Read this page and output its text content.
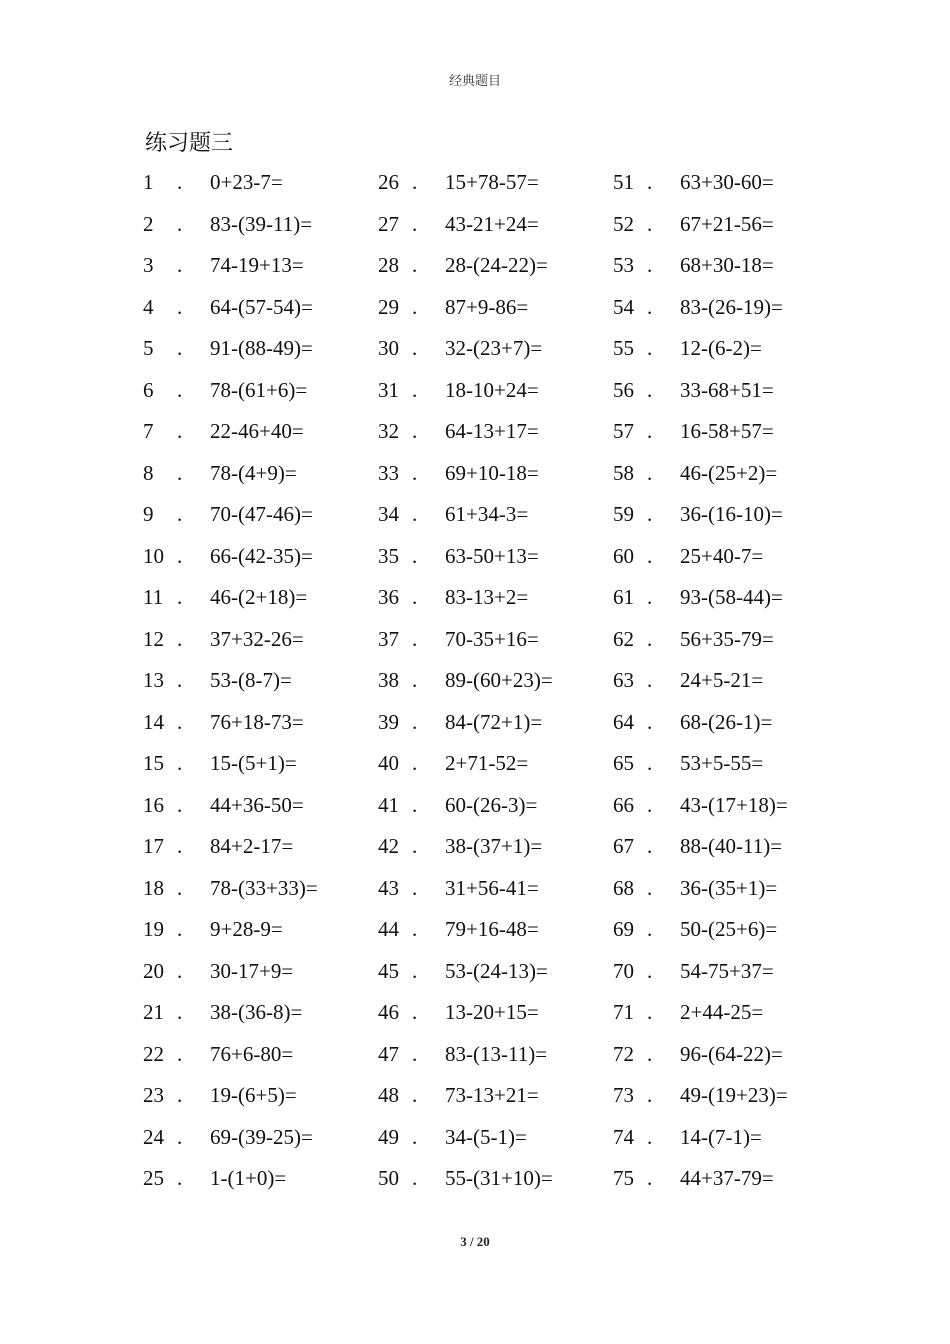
经典题目
练习题三
1 . 0+23-7=
2 . 83-(39-11)=
3 . 74-19+13=
4 . 64-(57-54)=
5 . 91-(88-49)=
6 . 78-(61+6)=
7 . 22-46+40=
8 . 78-(4+9)=
9 . 70-(47-46)=
10 . 66-(42-35)=
11 . 46-(2+18)=
12 . 37+32-26=
13 . 53-(8-7)=
14 . 76+18-73=
15 . 15-(5+1)=
16 . 44+36-50=
17 . 84+2-17=
18 . 78-(33+33)=
19 . 9+28-9=
20 . 30-17+9=
21 . 38-(36-8)=
22 . 76+6-80=
23 . 19-(6+5)=
24 . 69-(39-25)=
25 . 1-(1+0)=
26 . 15+78-57=
27 . 43-21+24=
28 . 28-(24-22)=
29 . 87+9-86=
30 . 32-(23+7)=
31 . 18-10+24=
32 . 64-13+17=
33 . 69+10-18=
34 . 61+34-3=
35 . 63-50+13=
36 . 83-13+2=
37 . 70-35+16=
38 . 89-(60+23)=
39 . 84-(72+1)=
40 . 2+71-52=
41 . 60-(26-3)=
42 . 38-(37+1)=
43 . 31+56-41=
44 . 79+16-48=
45 . 53-(24-13)=
46 . 13-20+15=
47 . 83-(13-11)=
48 . 73-13+21=
49 . 34-(5-1)=
50 . 55-(31+10)=
51 . 63+30-60=
52 . 67+21-56=
53 . 68+30-18=
54 . 83-(26-19)=
55 . 12-(6-2)=
56 . 33-68+51=
57 . 16-58+57=
58 . 46-(25+2)=
59 . 36-(16-10)=
60 . 25+40-7=
61 . 93-(58-44)=
62 . 56+35-79=
63 . 24+5-21=
64 . 68-(26-1)=
65 . 53+5-55=
66 . 43-(17+18)=
67 . 88-(40-11)=
68 . 36-(35+1)=
69 . 50-(25+6)=
70 . 54-75+37=
71 . 2+44-25=
72 . 96-(64-22)=
73 . 49-(19+23)=
74 . 14-(7-1)=
75 . 44+37-79=
3 / 20
